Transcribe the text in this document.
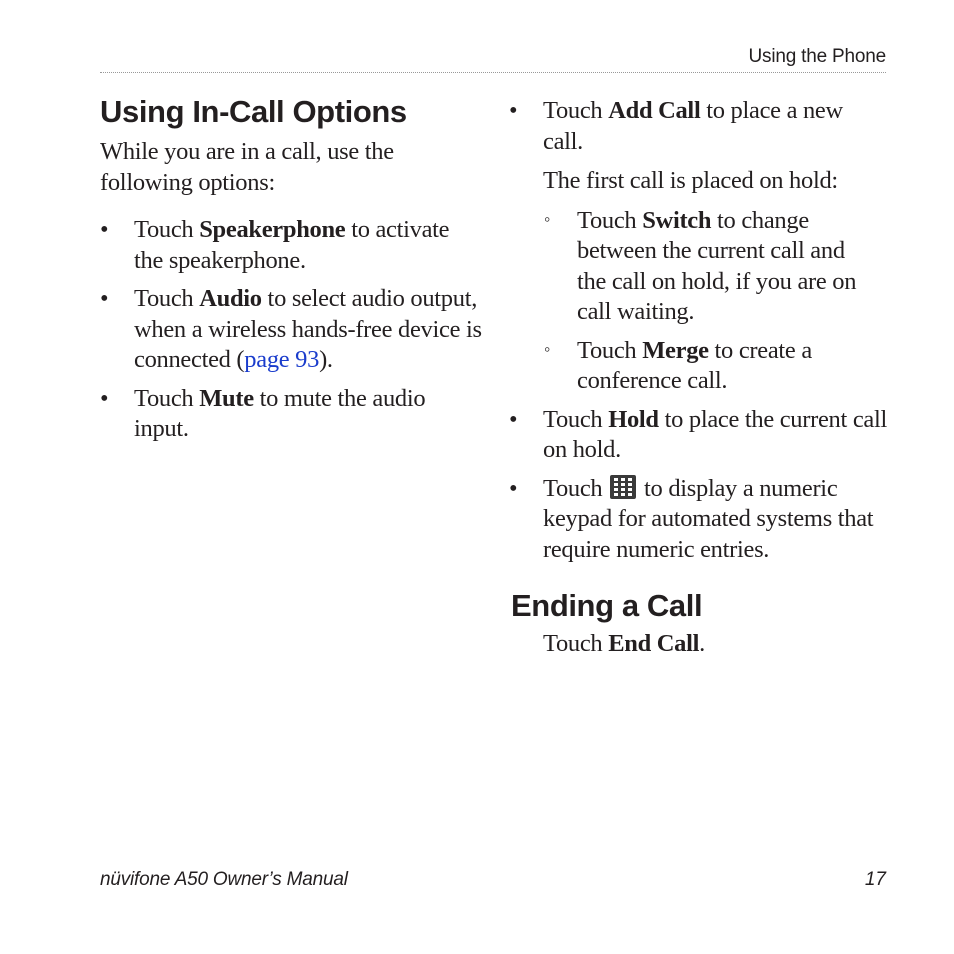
Using the Phone
Using In-Call Options

While you are in a call, use the following options:

•	Touch Speakerphone to activate the speakerphone.
•	Touch Audio to select audio output, when a wireless hands-free device is connected (page 93).
•	Touch Mute to mute the audio input.
•	Touch Add Call to place a new call.

The first call is placed on hold:

◦ Touch Switch to change between the current call and the call on hold, if you are on call waiting.
◦ Touch Merge to create a conference call.
•	Touch Hold to place the current call on hold.
•	Touch
to display a numeric keypad for automated systems that require numeric entries.
Ending a Call

Touch End Call.

nüvifone A50 Owner’s Manual	17
